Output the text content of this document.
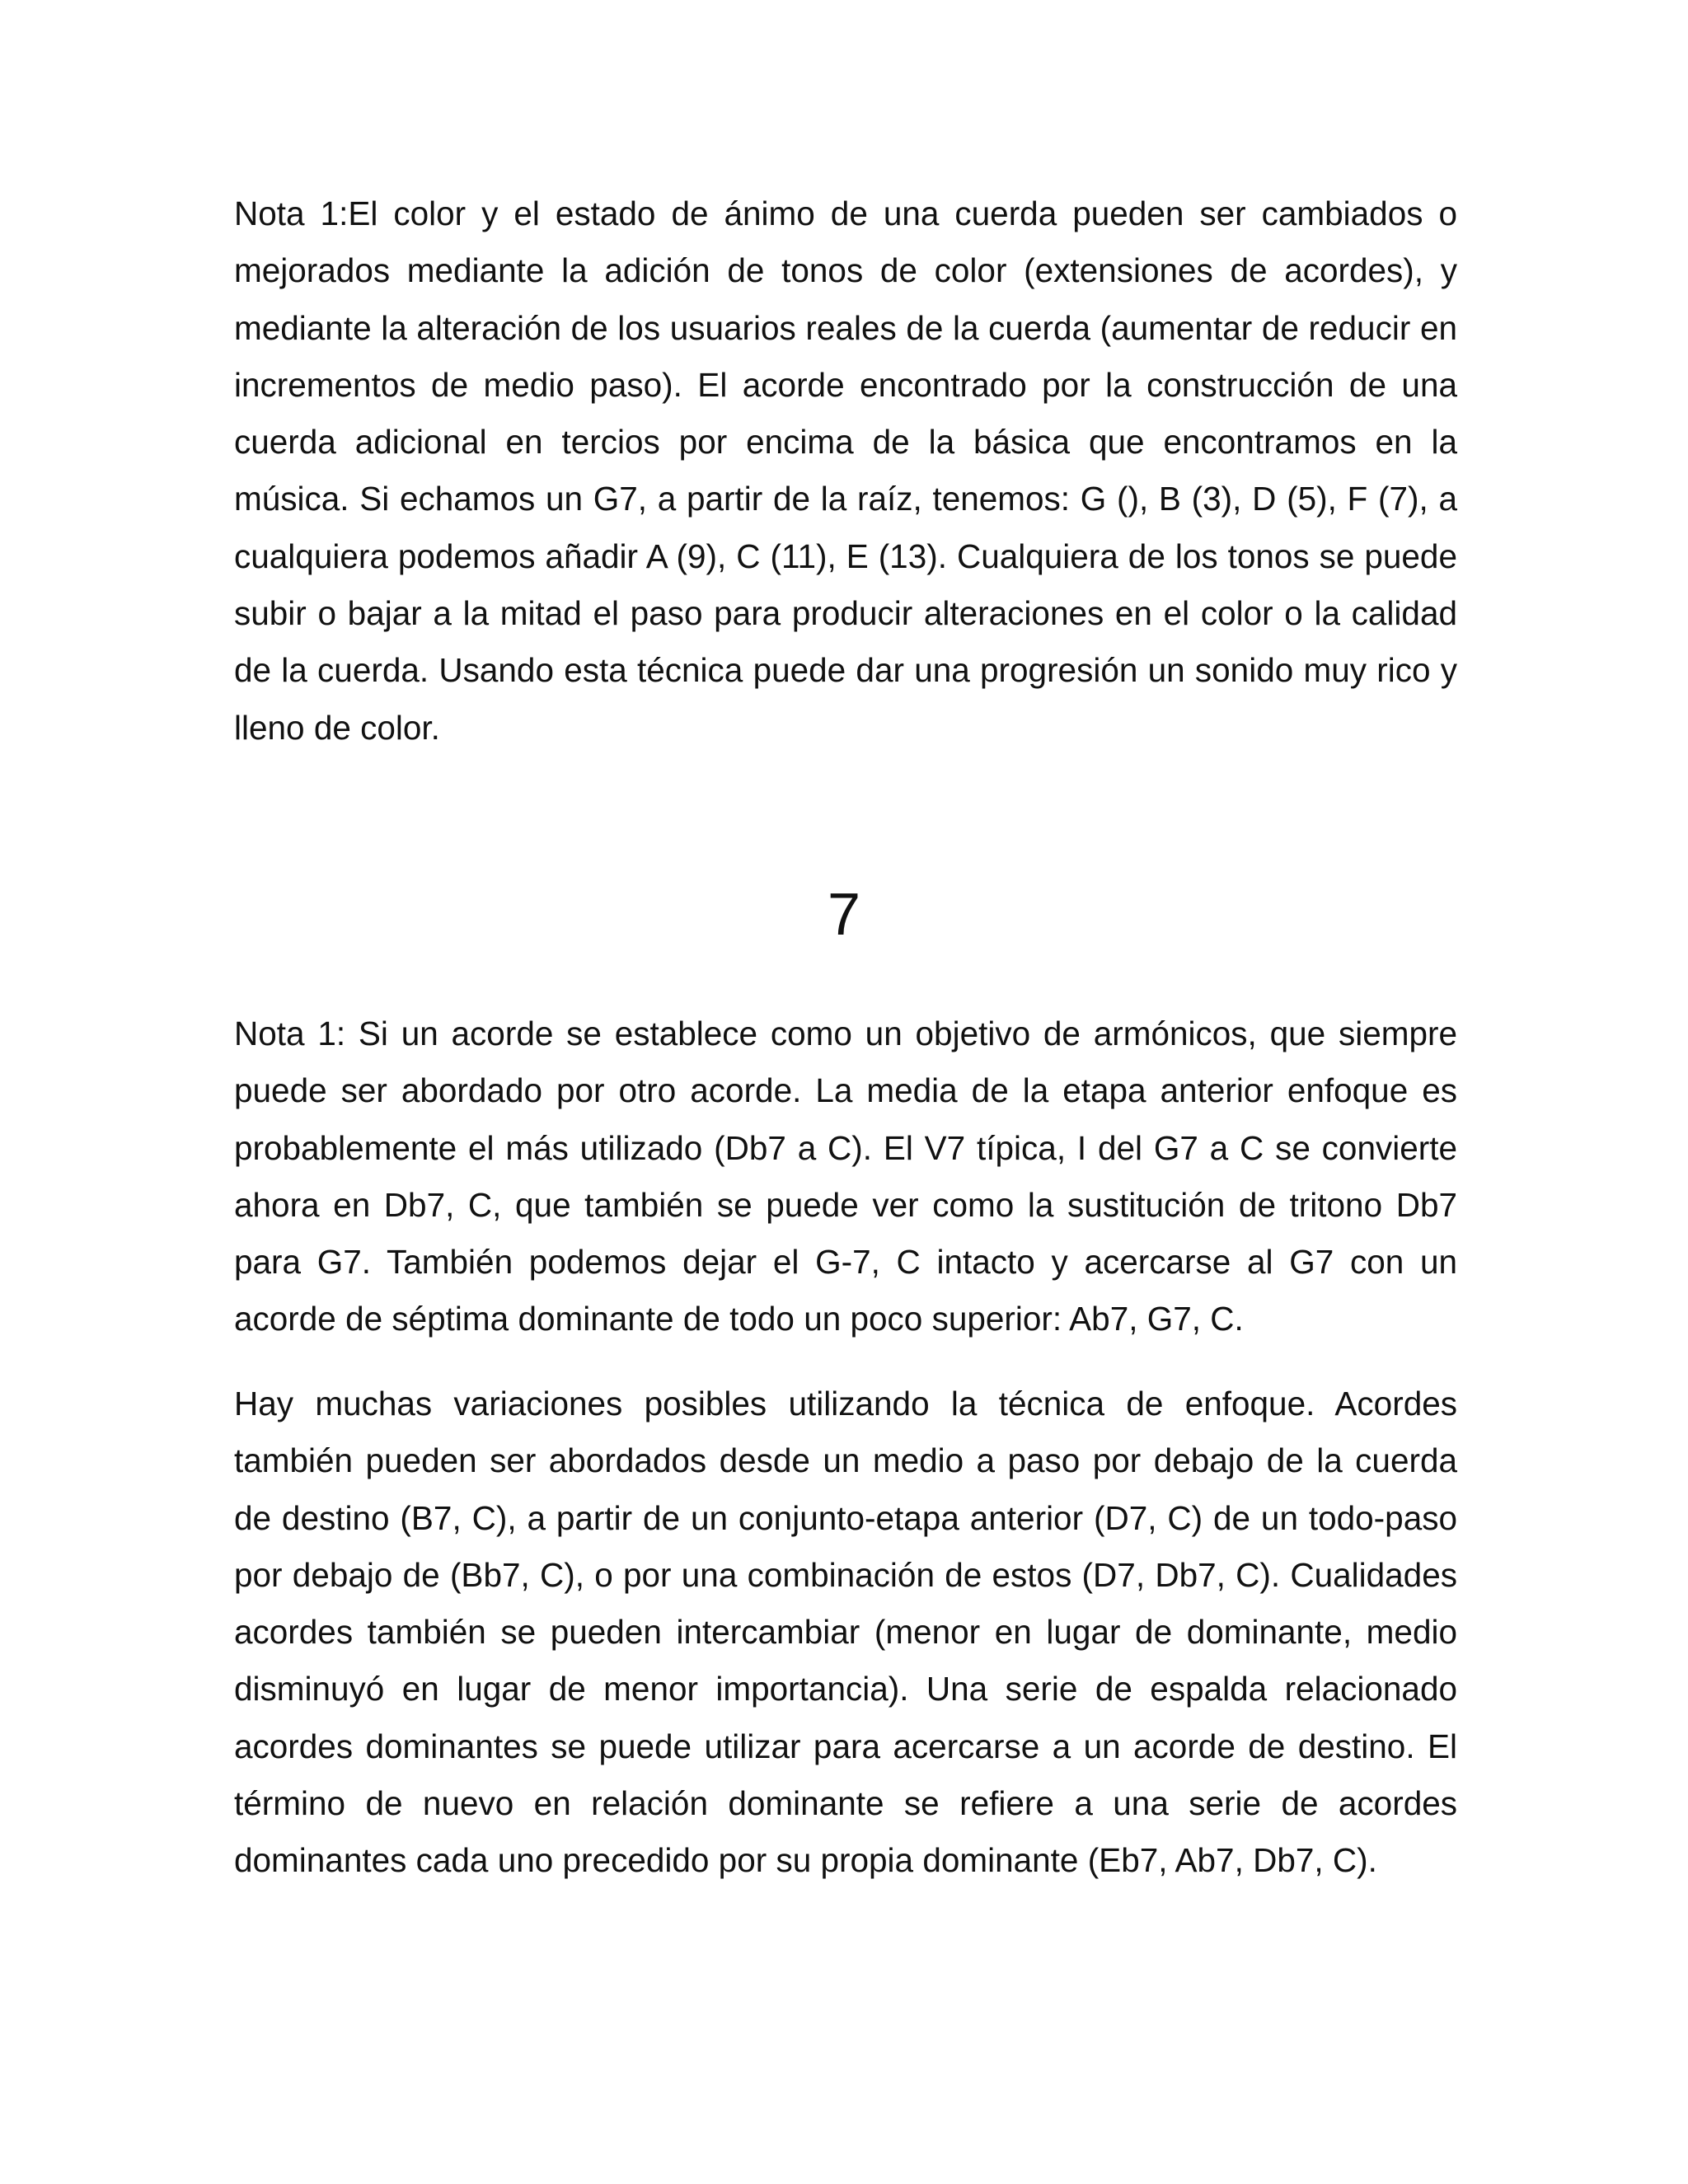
Nota 1:El color y el estado de ánimo de una cuerda pueden ser cambiados o mejorados mediante la adición de tonos de color (extensiones de acordes), y mediante la alteración de los usuarios reales de la cuerda (aumentar de reducir en incrementos de medio paso). El acorde encontrado por la construcción de una cuerda adicional en tercios por encima de la básica que encontramos en la música. Si echamos un G7, a partir de la raíz, tenemos: G (), B (3), D (5), F (7), a cualquiera podemos añadir A (9), C (11), E (13). Cualquiera de los tonos se puede subir o bajar a la mitad el paso para producir alteraciones en el color o la calidad de la cuerda. Usando esta técnica puede dar una progresión un sonido muy rico y lleno de color.

7

Nota 1: Si un acorde se establece como un objetivo de armónicos, que siempre puede ser abordado por otro acorde. La media de la etapa anterior enfoque es probablemente el más utilizado (Db7 a C). El V7 típica, I del G7 a C se convierte ahora en Db7, C, que también se puede ver como la sustitución de tritono Db7 para G7. También podemos dejar el G-7, C intacto y acercarse al G7 con un acorde de séptima dominante de todo un poco superior: Ab7, G7, C.

Hay muchas variaciones posibles utilizando la técnica de enfoque. Acordes también pueden ser abordados desde un medio a paso por debajo de la cuerda de destino (B7, C), a partir de un conjunto-etapa anterior (D7, C) de un todo-paso por debajo de (Bb7, C), o por una combinación de estos (D7, Db7, C). Cualidades acordes también se pueden intercambiar (menor en lugar de dominante, medio disminuyó en lugar de menor importancia). Una serie de espalda relacionado acordes dominantes se puede utilizar para acercarse a un acorde de destino. El término de nuevo en relación dominante se refiere a una serie de acordes dominantes cada uno precedido por su propia dominante (Eb7, Ab7, Db7, C).
